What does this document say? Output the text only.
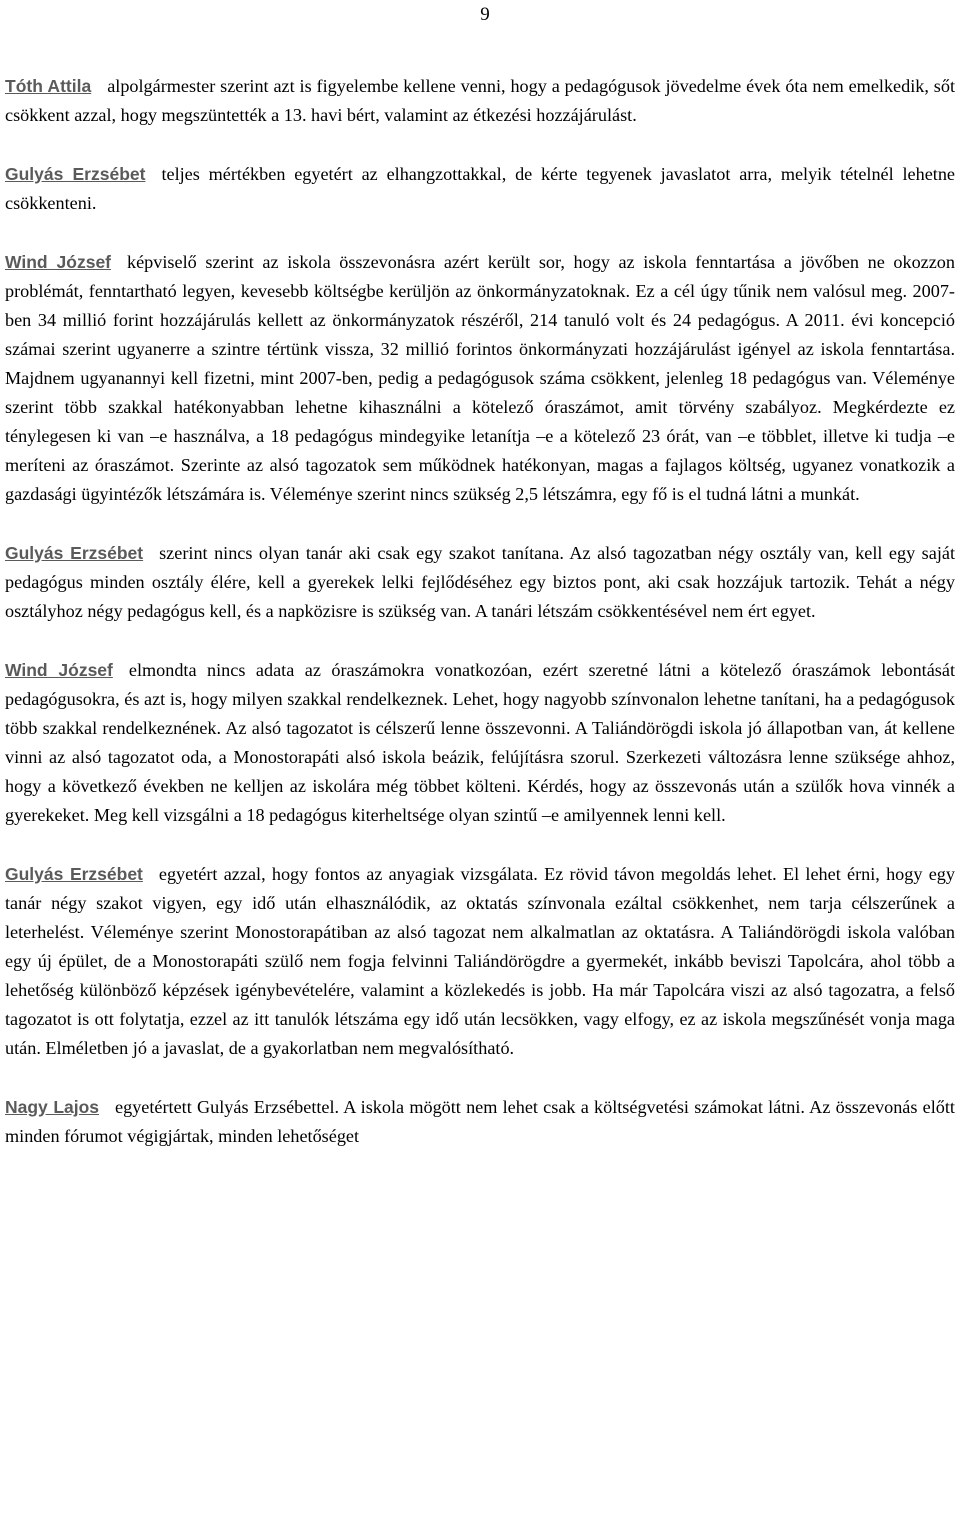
9

Tóth Attila alpolgármester szerint azt is figyelembe kellene venni, hogy a pedagógusok jövedelme évek óta nem emelkedik, sőt csökkent azzal, hogy megszüntették a 13. havi bért, valamint az étkezési hozzájárulást.

Gulyás Erzsébet teljes mértékben egyetért az elhangzottakkal, de kérte tegyenek javaslatot arra, melyik tételnél lehetne csökkenteni.

Wind József képviselő szerint az iskola összevonásra azért került sor, hogy az iskola fenntartása a jövőben ne okozzon problémát, fenntartható legyen, kevesebb költségbe kerüljön az önkormányzatoknak. Ez a cél úgy tűnik nem valósul meg. 2007-ben 34 millió forint hozzájárulás kellett az önkormányzatok részéről, 214 tanuló volt és 24 pedagógus. A 2011. évi koncepció számai szerint ugyanerre a szintre tértünk vissza, 32 millió forintos önkormányzati hozzájárulást igényel az iskola fenntartása. Majdnem ugyanannyi kell fizetni, mint 2007-ben, pedig a pedagógusok száma csökkent, jelenleg 18 pedagógus van. Véleménye szerint több szakkal hatékonyabban lehetne kihasználni a kötelező óraszámot, amit törvény szabályoz. Megkérdezte ez ténylegesen ki van –e használva, a 18 pedagógus mindegyike letanítja –e a kötelező 23 órát, van –e többlet, illetve ki tudja –e meríteni az óraszámot. Szerinte az alsó tagozatok sem működnek hatékonyan, magas a fajlagos költség, ugyanez vonatkozik a gazdasági ügyintézők létszámára is. Véleménye szerint nincs szükség 2,5 létszámra, egy fő is el tudná látni a munkát.

Gulyás Erzsébet szerint nincs olyan tanár aki csak egy szakot tanítana. Az alsó tagozatban négy osztály van, kell egy saját pedagógus minden osztály élére, kell a gyerekek lelki fejlődéséhez egy biztos pont, aki csak hozzájuk tartozik. Tehát a négy osztályhoz négy pedagógus kell, és a napközisre is szükség van. A tanári létszám csökkentésével nem ért egyet.

Wind József elmondta nincs adata az óraszámokra vonatkozóan, ezért szeretné látni a kötelező óraszámok lebontását pedagógusokra, és azt is, hogy milyen szakkal rendelkeznek. Lehet, hogy nagyobb színvonalon lehetne tanítani, ha a pedagógusok több szakkal rendelkeznének. Az alsó tagozatot is célszerű lenne összevonni. A Taliándörögdi iskola jó állapotban van, át kellene vinni az alsó tagozatot oda, a Monostorapáti alsó iskola beázik, felújításra szorul. Szerkezeti változásra lenne szüksége ahhoz, hogy a következő években ne kelljen az iskolára még többet költeni. Kérdés, hogy az összevonás után a szülők hova vinnék a gyerekeket. Meg kell vizsgálni a 18 pedagógus kiterheltsége olyan szintű –e amilyennek lenni kell.

Gulyás Erzsébet egyetért azzal, hogy fontos az anyagiak vizsgálata. Ez rövid távon megoldás lehet. El lehet érni, hogy egy tanár négy szakot vigyen, egy idő után elhasználódik, az oktatás színvonala ezáltal csökkenhet, nem tarja célszerűnek a leterhelést. Véleménye szerint Monostorapátiban az alsó tagozat nem alkalmatlan az oktatásra. A Taliándörögdi iskola valóban egy új épület, de a Monostorapáti szülő nem fogja felvinni Taliándörögdre a gyermekét, inkább beviszi Tapolcára, ahol több a lehetőség különböző képzések igénybevételére, valamint a közlekedés is jobb. Ha már Tapolcára viszi az alsó tagozatra, a felső tagozatot is ott folytatja, ezzel az itt tanulók létszáma egy idő után lecsökken, vagy elfogy, ez az iskola megszűnését vonja maga után. Elméletben jó a javaslat, de a gyakorlatban nem megvalósítható.

Nagy Lajos egyetértett Gulyás Erzsébettel. A iskola mögött nem lehet csak a költségvetési számokat látni. Az összevonás előtt minden fórumot végigjártak, minden lehetőséget
